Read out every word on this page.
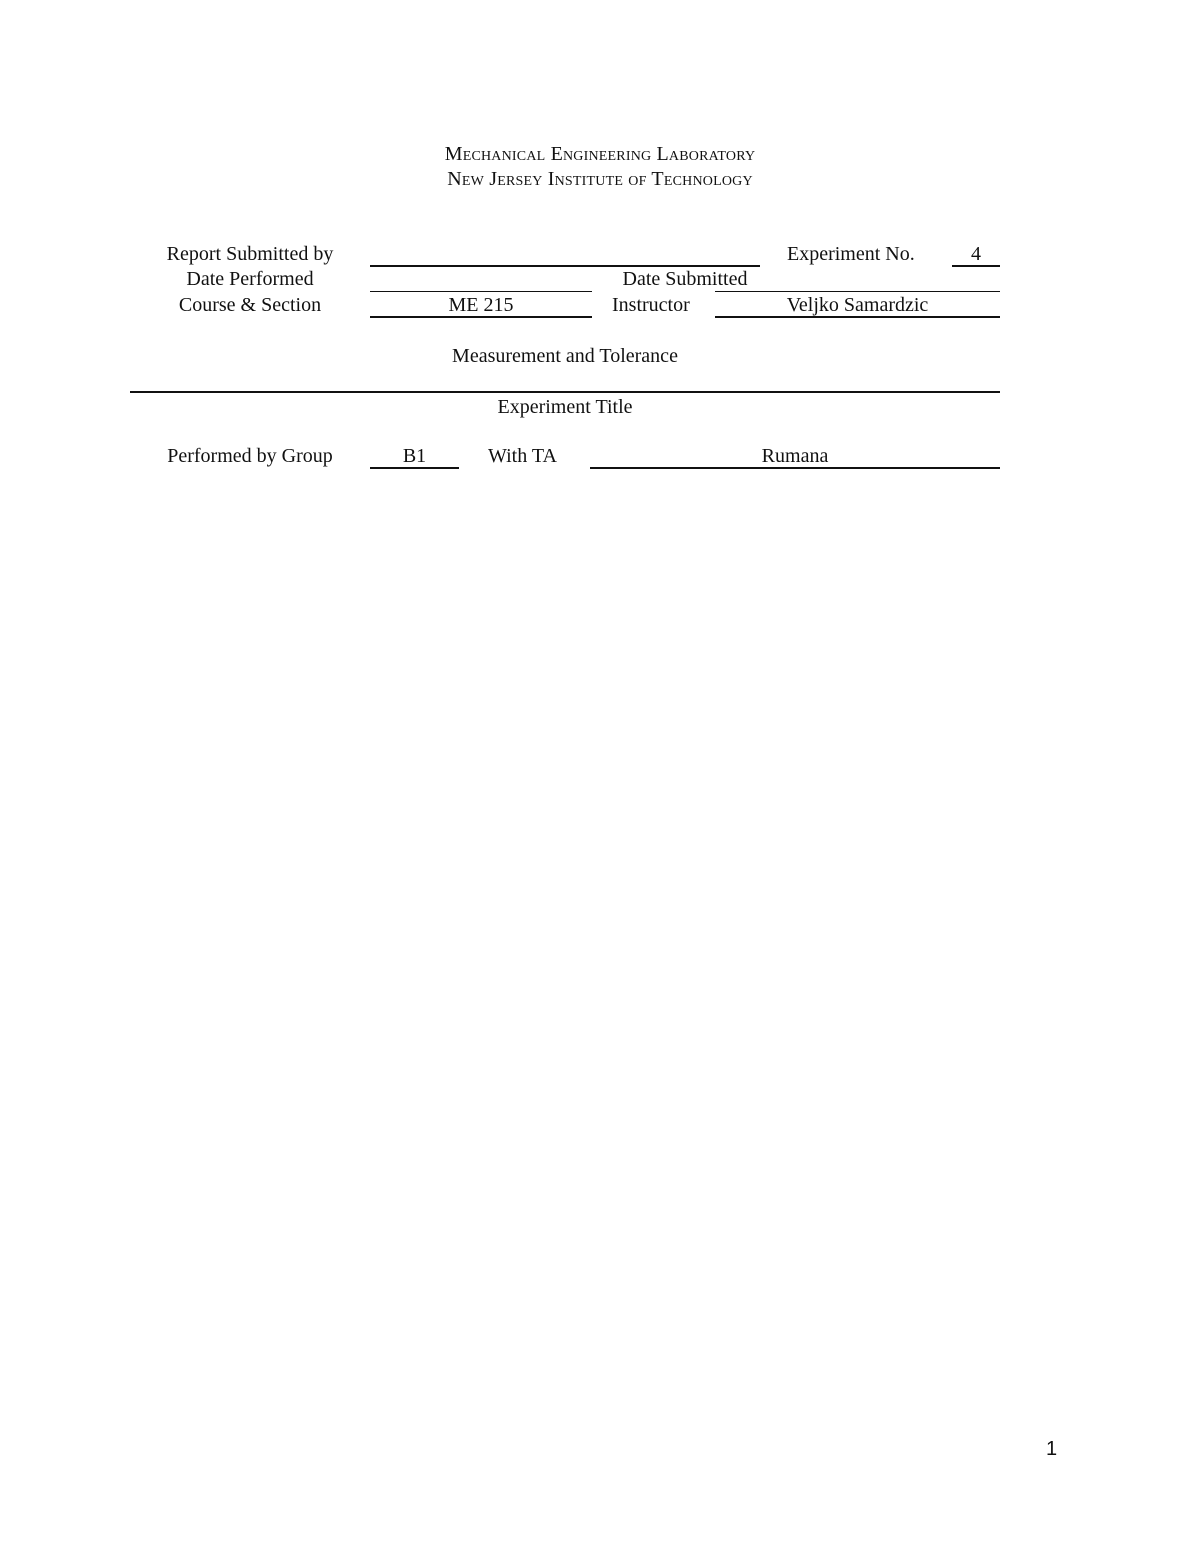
Mechanical Engineering Laboratory
New Jersey Institute of Technology
Report Submitted by	Experiment No.	4
Date Performed	Date Submitted
Course & Section	ME 215	Instructor	Veljko Samardzic
Measurement and Tolerance
Experiment Title
Performed by Group	B1	With TA	Rumana
1
